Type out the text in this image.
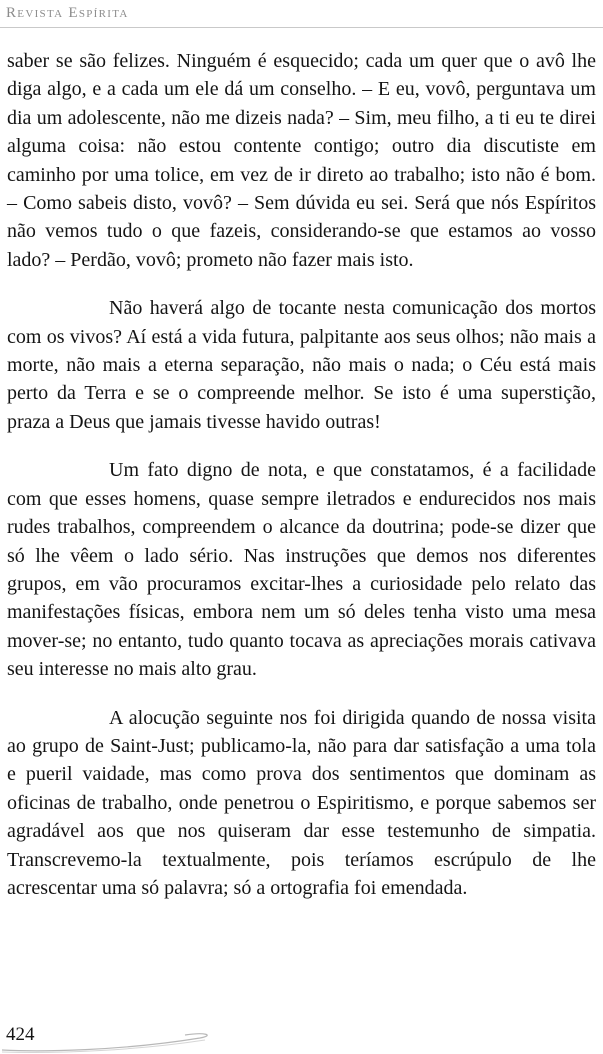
Revista Espírita

saber se são felizes. Ninguém é esquecido; cada um quer que o avô lhe diga algo, e a cada um ele dá um conselho. – E eu, vovô, perguntava um dia um adolescente, não me dizeis nada? – Sim, meu filho, a ti eu te direi alguma coisa: não estou contente contigo; outro dia discutiste em caminho por uma tolice, em vez de ir direto ao trabalho; isto não é bom. – Como sabeis disto, vovô? – Sem dúvida eu sei. Será que nós Espíritos não vemos tudo o que fazeis, considerando-se que estamos ao vosso lado? – Perdão, vovô; prometo não fazer mais isto.

Não haverá algo de tocante nesta comunicação dos mortos com os vivos? Aí está a vida futura, palpitante aos seus olhos; não mais a morte, não mais a eterna separação, não mais o nada; o Céu está mais perto da Terra e se o compreende melhor. Se isto é uma superstição, praza a Deus que jamais tivesse havido outras!

Um fato digno de nota, e que constatamos, é a facilidade com que esses homens, quase sempre iletrados e endurecidos nos mais rudes trabalhos, compreendem o alcance da doutrina; pode-se dizer que só lhe vêem o lado sério. Nas instruções que demos nos diferentes grupos, em vão procuramos excitar-lhes a curiosidade pelo relato das manifestações físicas, embora nem um só deles tenha visto uma mesa mover-se; no entanto, tudo quanto tocava as apreciações morais cativava seu interesse no mais alto grau.

A alocução seguinte nos foi dirigida quando de nossa visita ao grupo de Saint-Just; publicamo-la, não para dar satisfação a uma tola e pueril vaidade, mas como prova dos sentimentos que dominam as oficinas de trabalho, onde penetrou o Espiritismo, e porque sabemos ser agradável aos que nos quiseram dar esse testemunho de simpatia. Transcrevemo-la textualmente, pois teríamos escrúpulo de lhe acrescentar uma só palavra; só a ortografia foi emendada.

424
